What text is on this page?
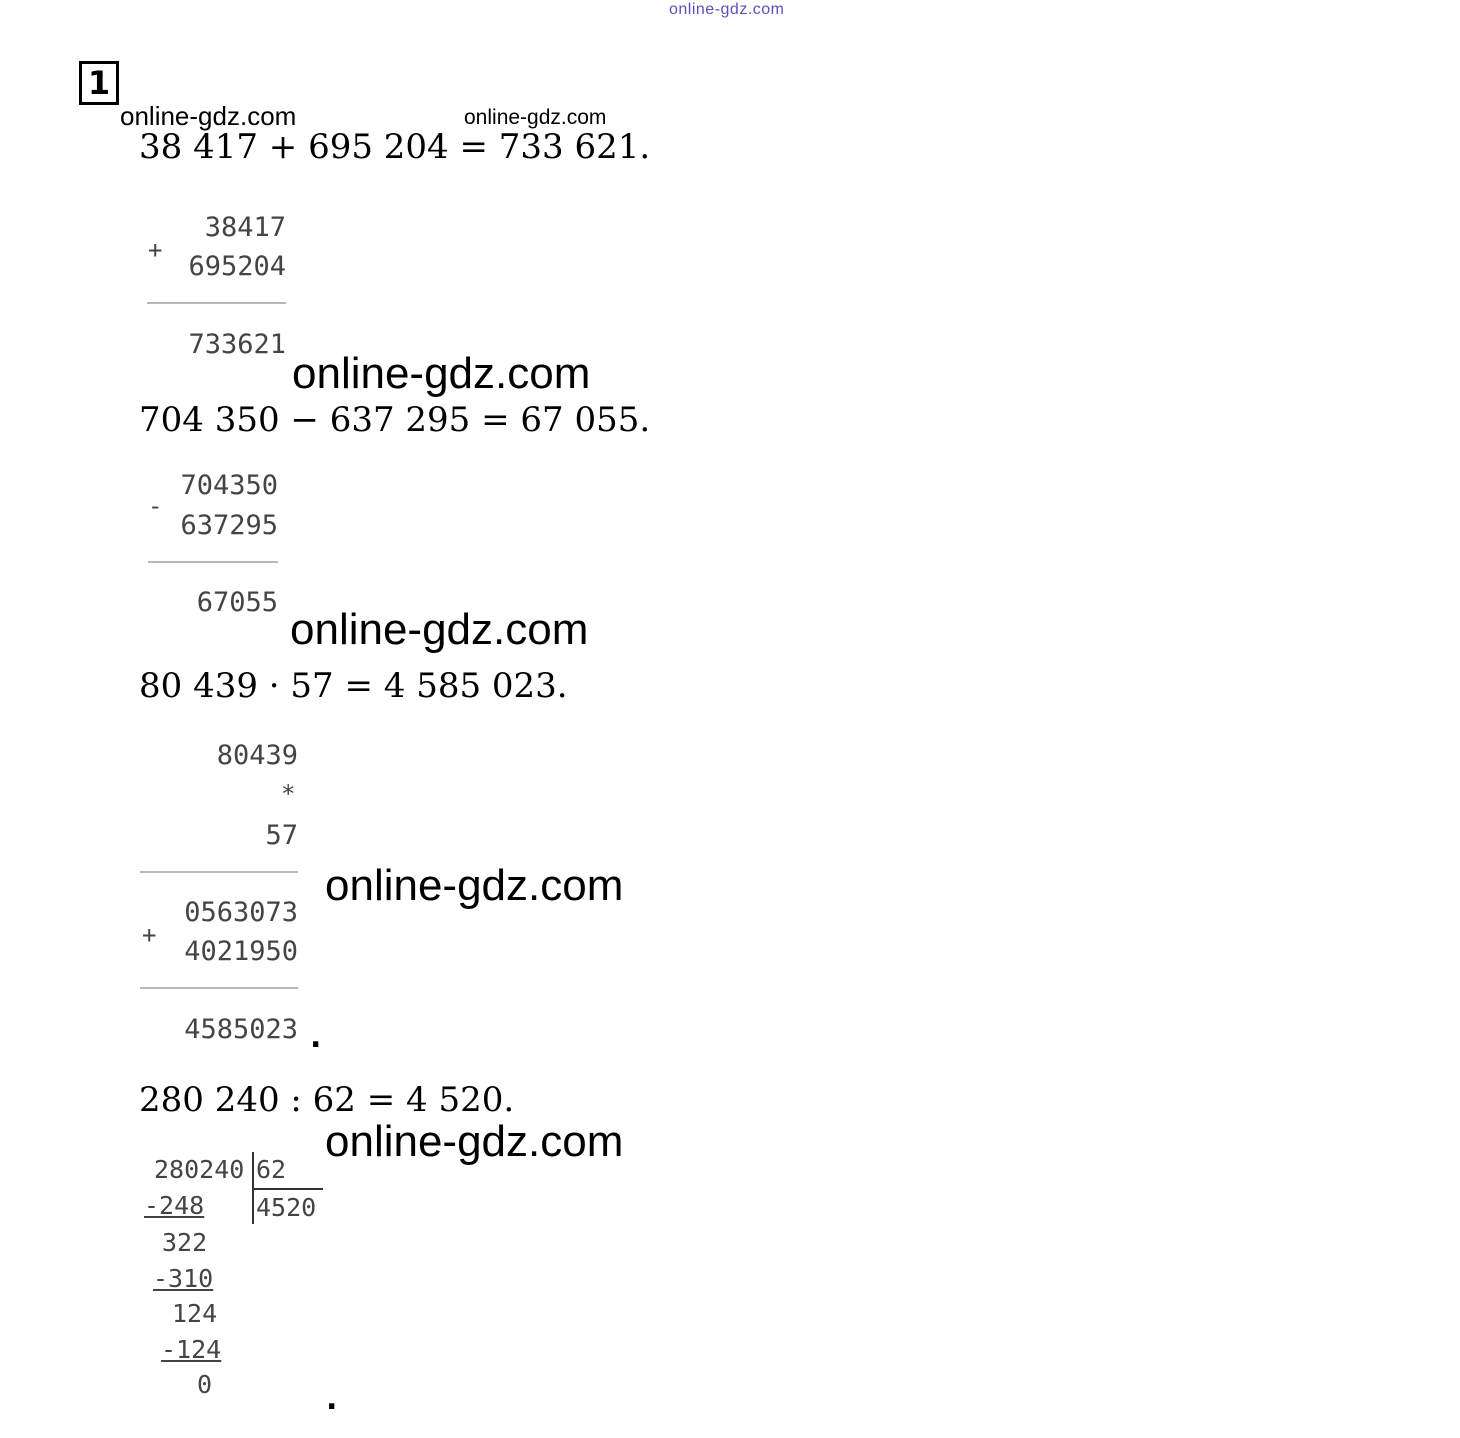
online-gdz.com
1
online-gdz.com	online-gdz.com
38 417 + 695 204 = 733 621.
38417
+
695204
733621
online-gdz.com
704 350 − 637 295 = 67 055.
704350
-
637295
67055
online-gdz.com
80 439 · 57 = 4 585 023.
80439
*
57
online-gdz.com
0563073
+
4021950
4585023 .
280 240 : 62 = 4 520.
online-gdz.com
280240 62
4520
-248
322
-310
124
-124
0	.
